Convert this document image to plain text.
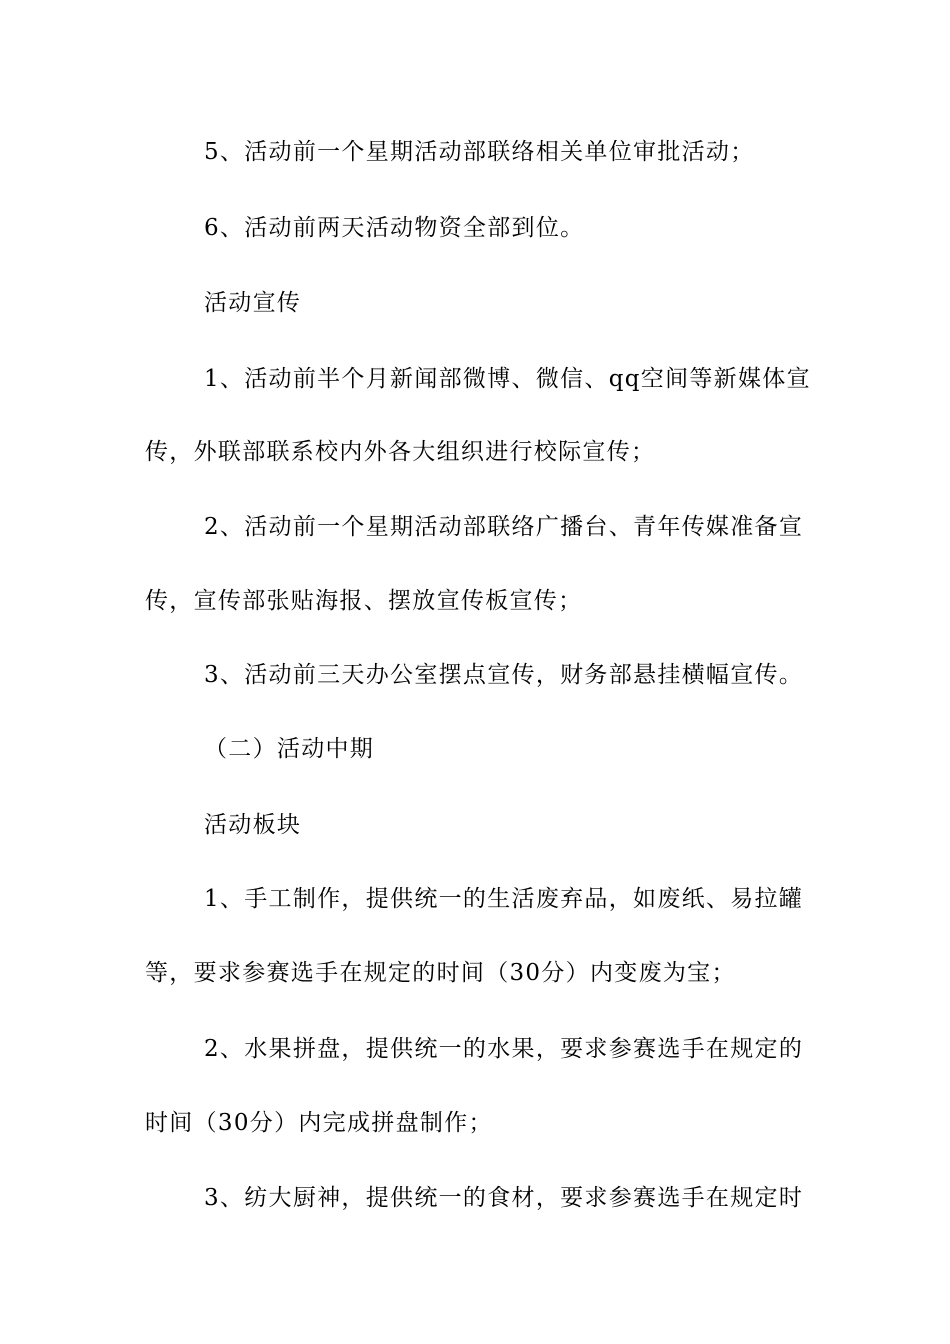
5、活动前一个星期活动部联络相关单位审批活动；
6、活动前两天活动物资全部到位。
活动宣传
1、活动前半个月新闻部微博、微信、qq空间等新媒体宣
传，外联部联系校内外各大组织进行校际宣传；
2、活动前一个星期活动部联络广播台、青年传媒准备宣
传，宣传部张贴海报、摆放宣传板宣传；
3、活动前三天办公室摆点宣传，财务部悬挂横幅宣传。
（二）活动中期
活动板块
1、手工制作，提供统一的生活废弃品，如废纸、易拉罐
等，要求参赛选手在规定的时间（30分）内变废为宝；
2、水果拼盘，提供统一的水果，要求参赛选手在规定的
时间（30分）内完成拼盘制作；
3、纺大厨神，提供统一的食材，要求参赛选手在规定时
